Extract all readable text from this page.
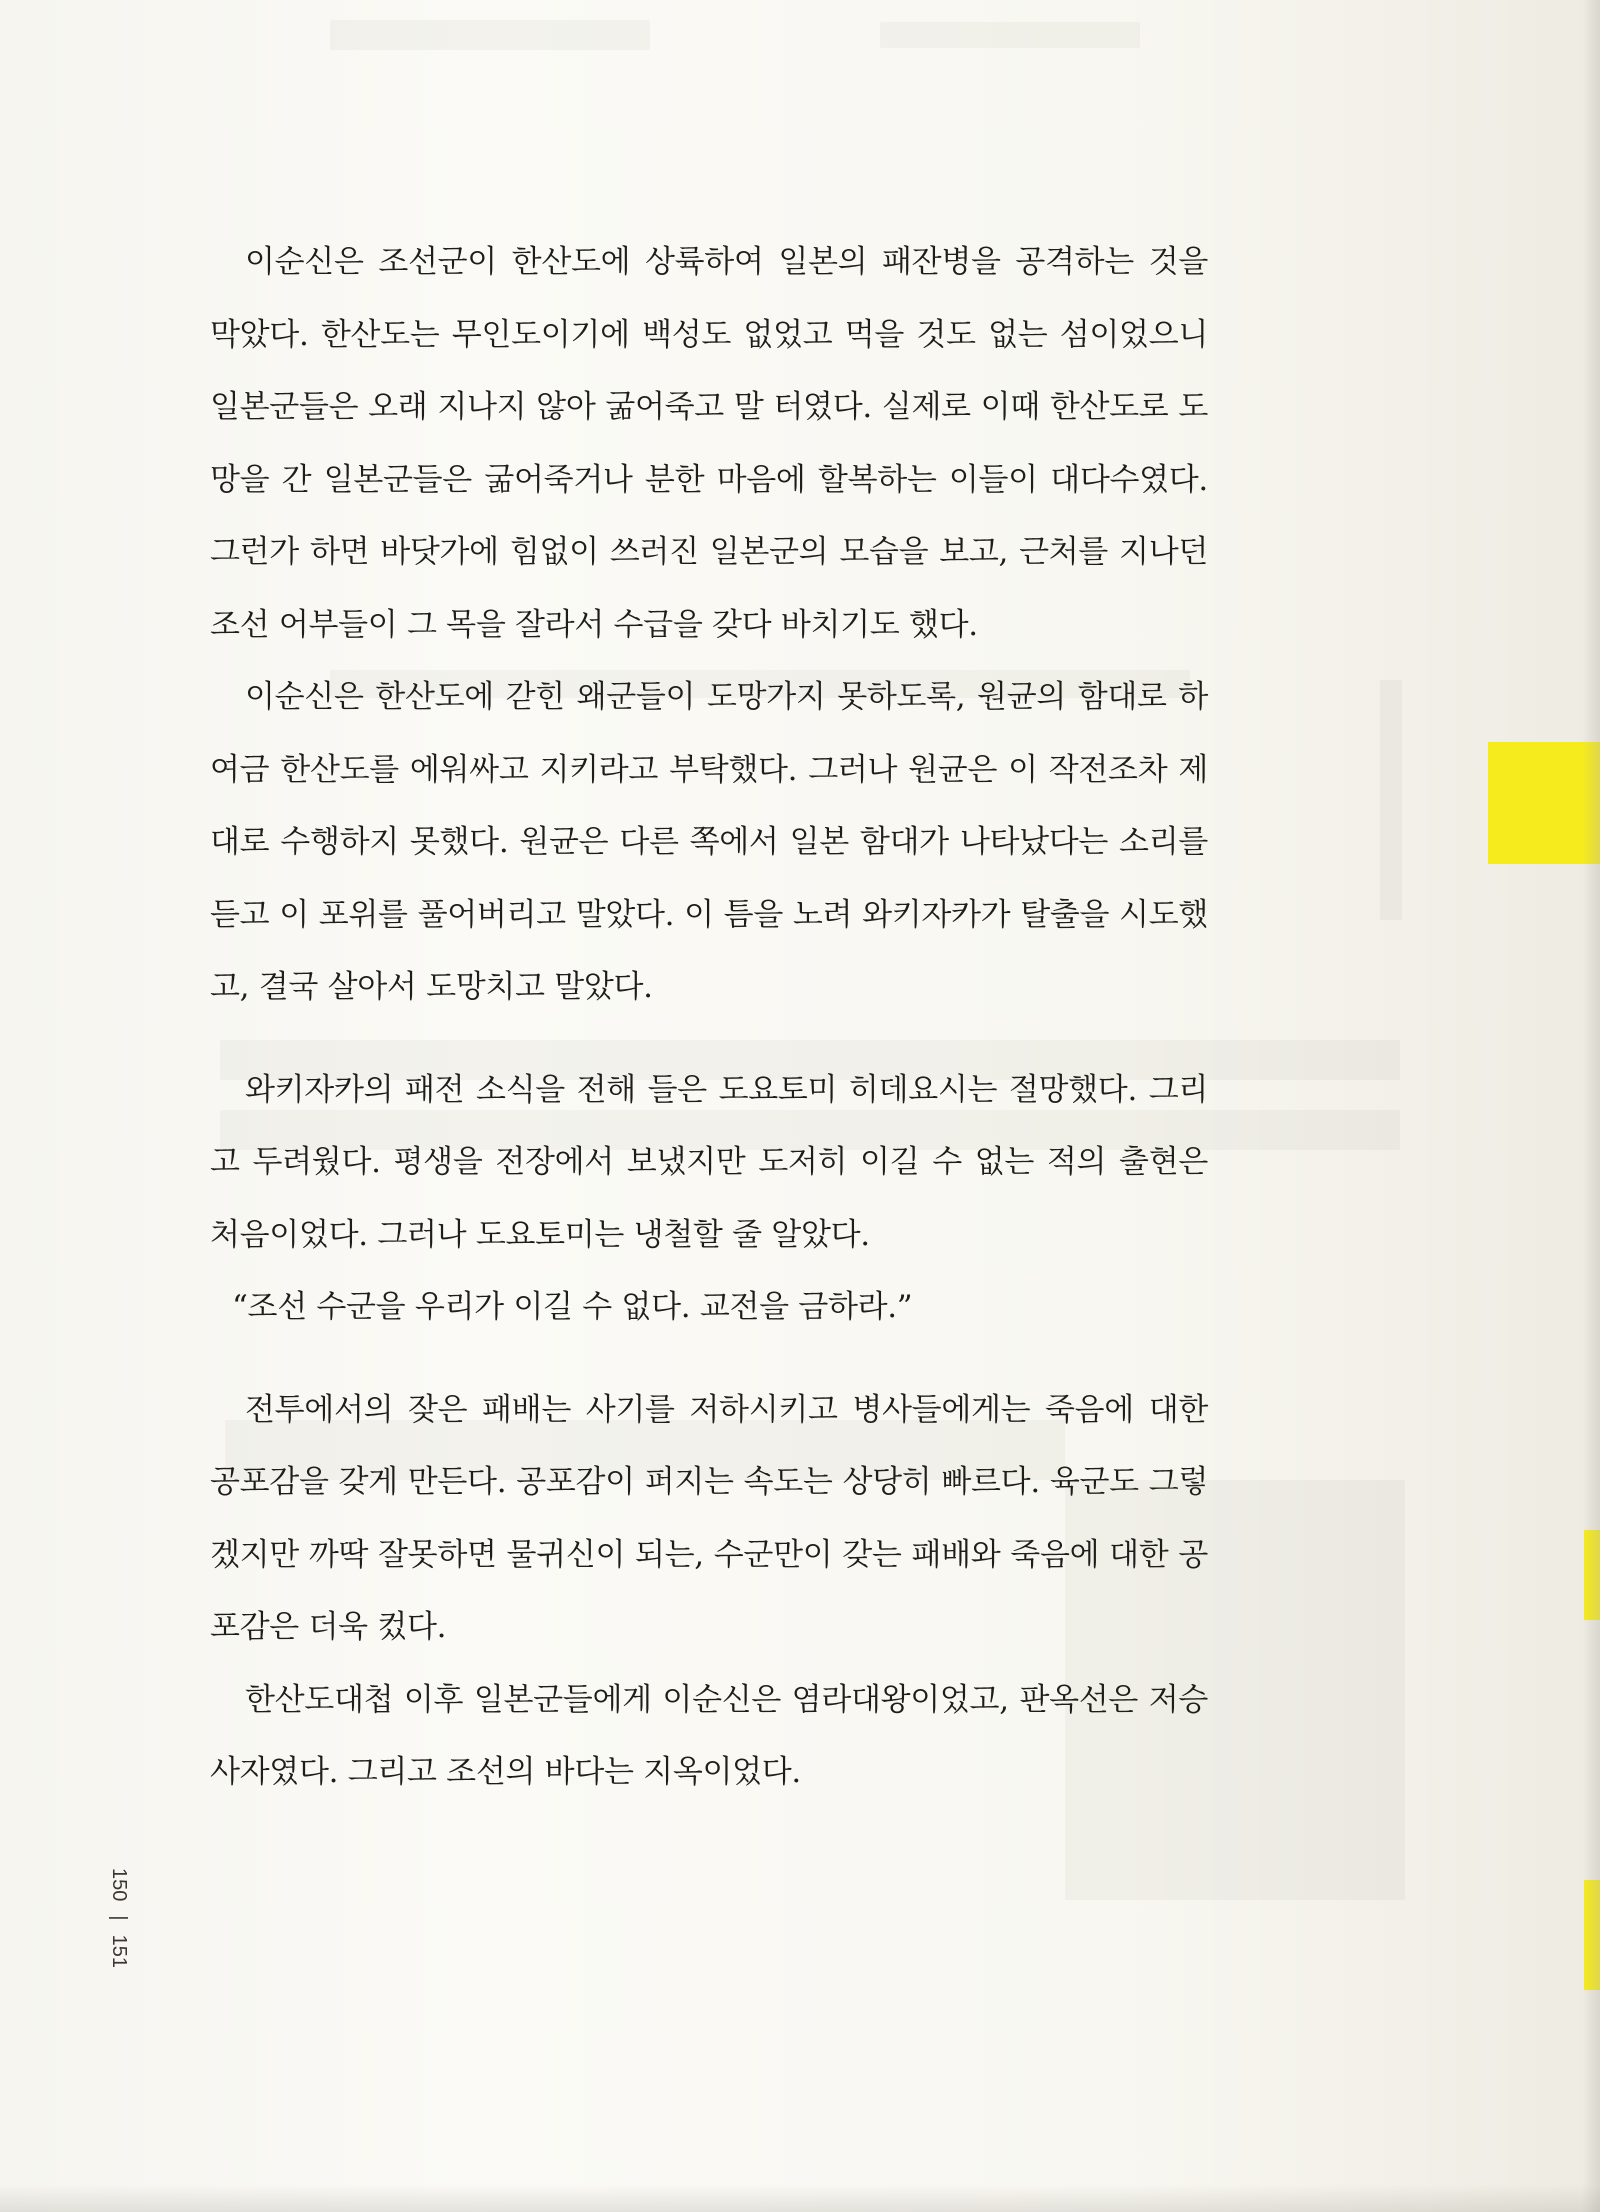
이순신은 조선군이 한산도에 상륙하여 일본의 패잔병을 공격하는 것을 막았다. 한산도는 무인도이기에 백성도 없었고 먹을 것도 없는 섬이었으니 일본군들은 오래 지나지 않아 굶어죽고 말 터였다. 실제로 이때 한산도로 도망을 간 일본군들은 굶어죽거나 분한 마음에 할복하는 이들이 대다수였다. 그런가 하면 바닷가에 힘없이 쓰러진 일본군의 모습을 보고, 근처를 지나던 조선 어부들이 그 목을 잘라서 수급을 갖다 바치기도 했다.

이순신은 한산도에 갇힌 왜군들이 도망가지 못하도록, 원균의 함대로 하여금 한산도를 에워싸고 지키라고 부탁했다. 그러나 원균은 이 작전조차 제대로 수행하지 못했다. 원균은 다른 쪽에서 일본 함대가 나타났다는 소리를 듣고 이 포위를 풀어버리고 말았다. 이 틈을 노려 와키자카가 탈출을 시도했고, 결국 살아서 도망치고 말았다.

와키자카의 패전 소식을 전해 들은 도요토미 히데요시는 절망했다. 그리고 두려웠다. 평생을 전장에서 보냈지만 도저히 이길 수 없는 적의 출현은 처음이었다. 그러나 도요토미는 냉철할 줄 알았다.

“조선 수군을 우리가 이길 수 없다. 교전을 금하라.”

전투에서의 잦은 패배는 사기를 저하시키고 병사들에게는 죽음에 대한 공포감을 갖게 만든다. 공포감이 퍼지는 속도는 상당히 빠르다. 육군도 그렇겠지만 까딱 잘못하면 물귀신이 되는, 수군만이 갖는 패배와 죽음에 대한 공포감은 더욱 컸다.

한산도대첩 이후 일본군들에게 이순신은 염라대왕이었고, 판옥선은 저승사자였다. 그리고 조선의 바다는 지옥이었다.

150|151
